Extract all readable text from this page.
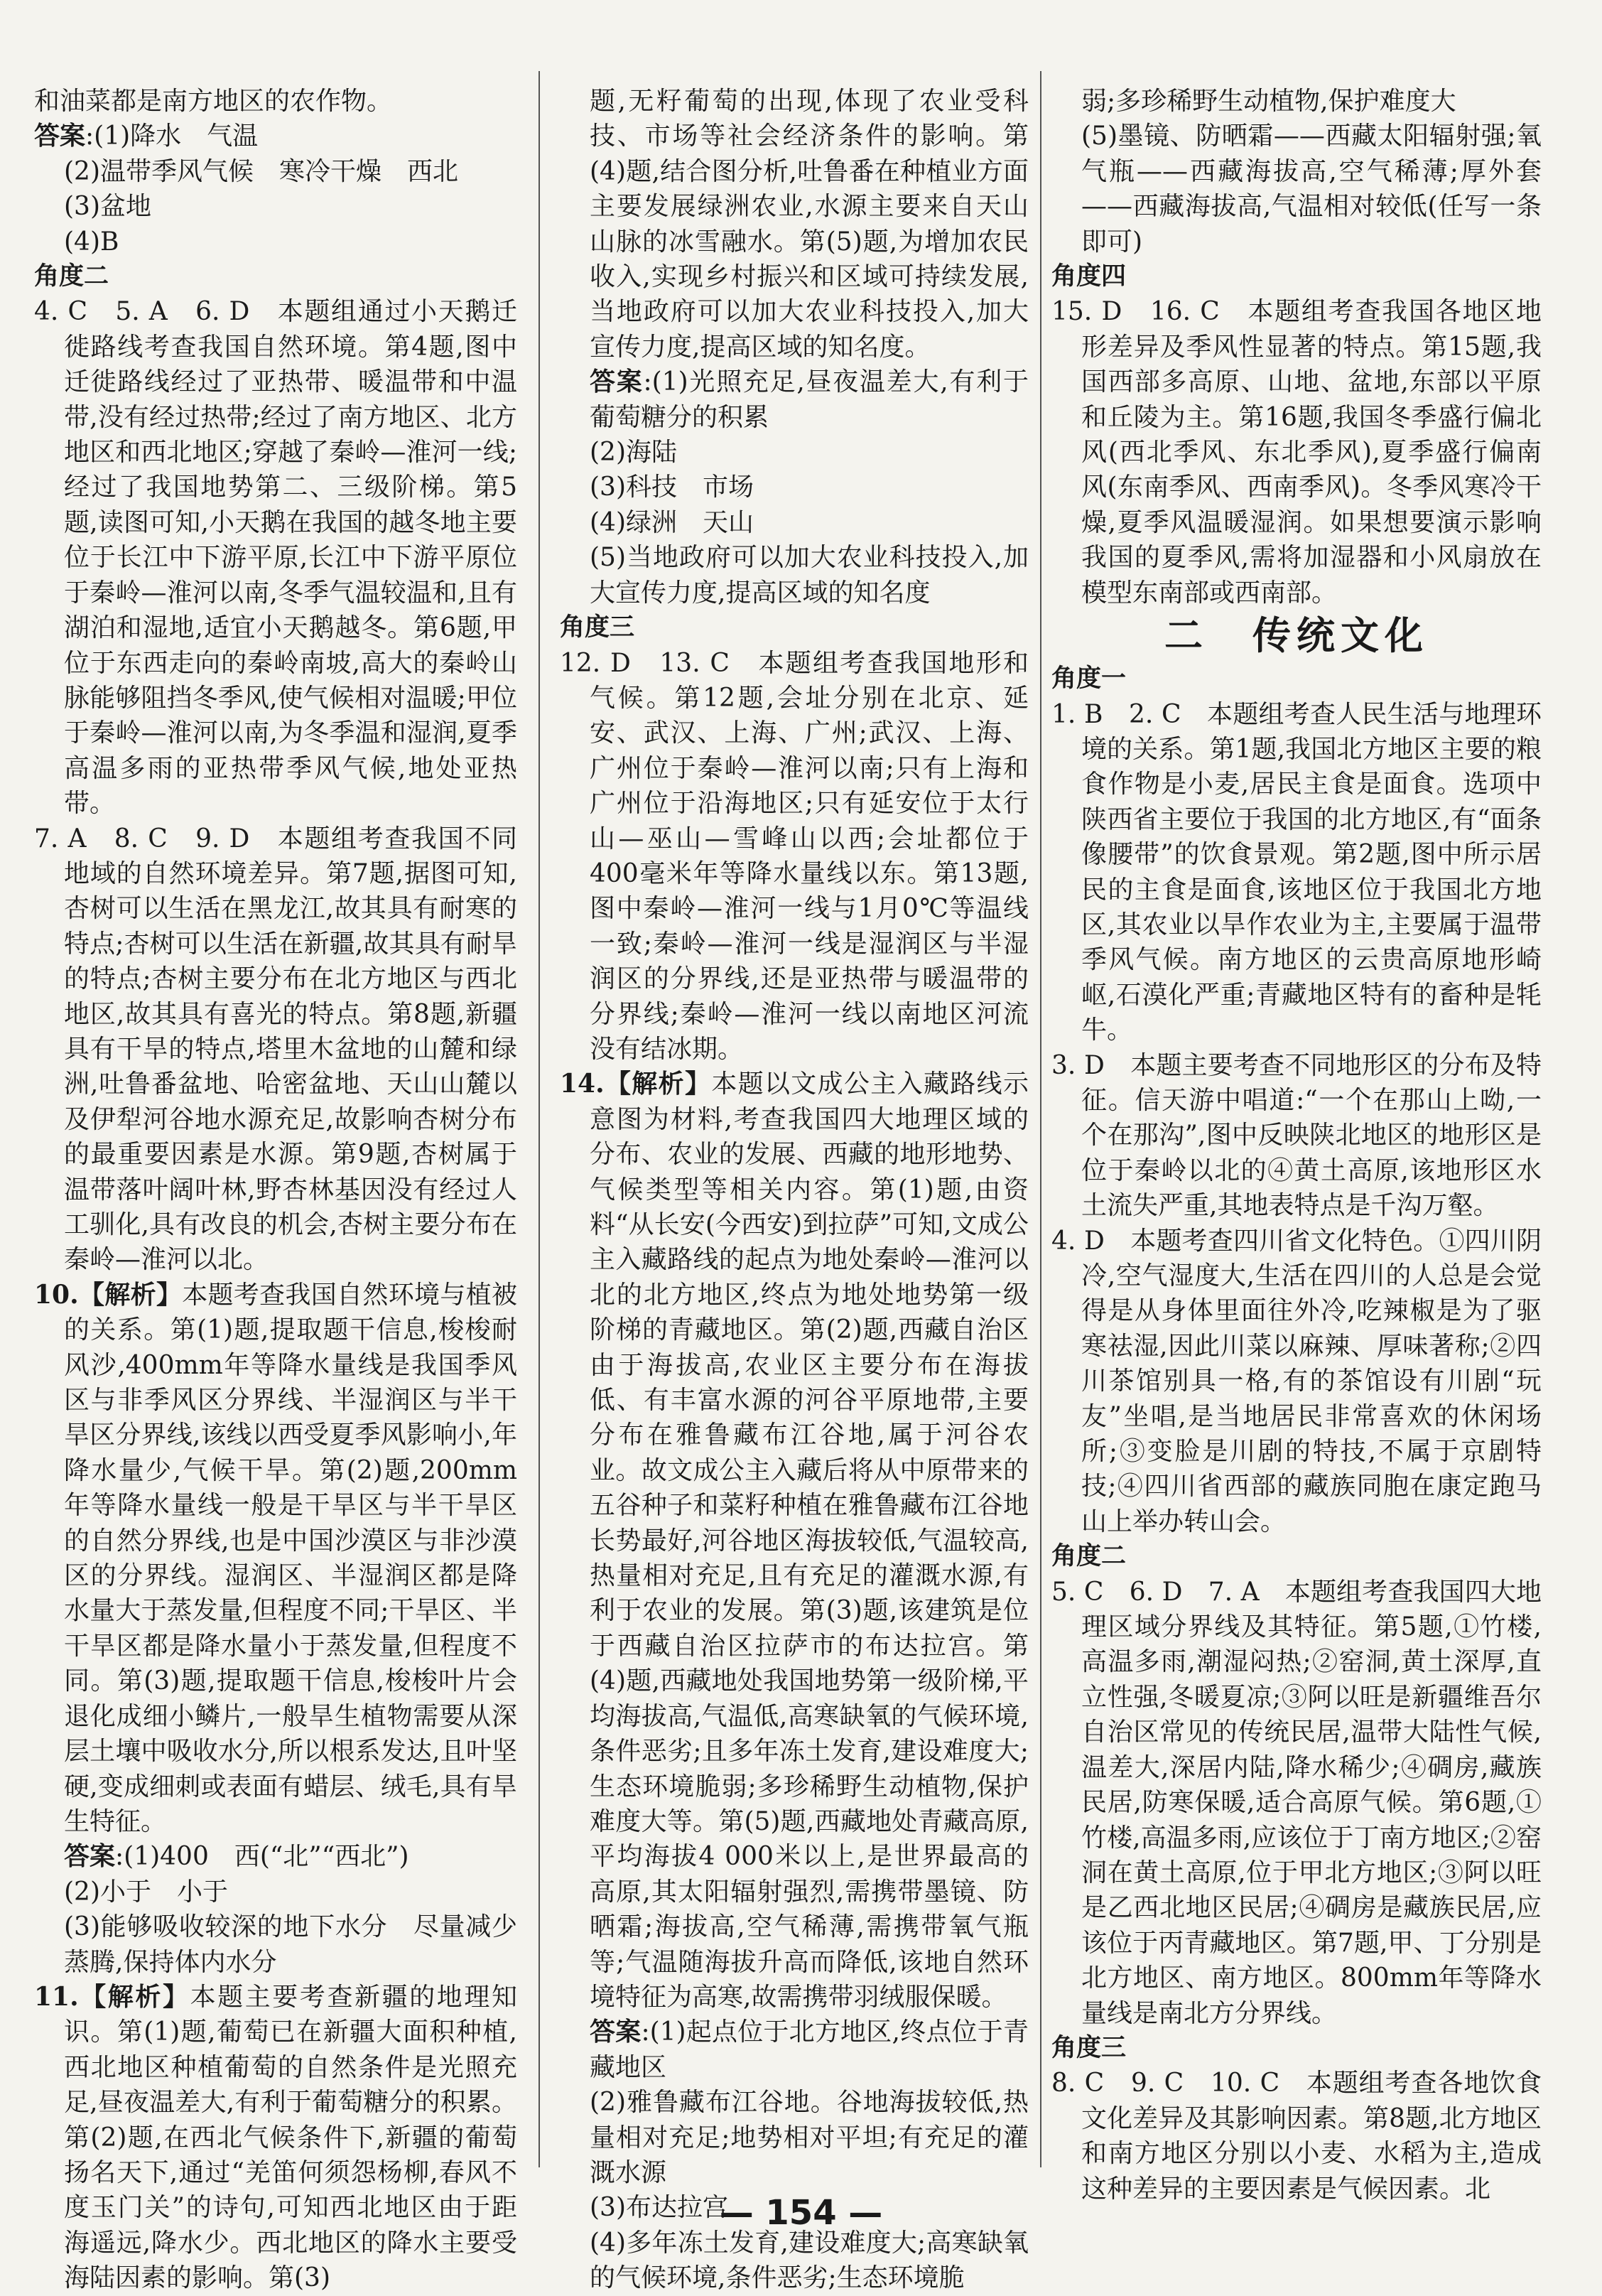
和油菜都是南方地区的农作物。

答案:(1)降水　气温

(2)温带季风气候　寒冷干燥　西北

(3)盆地

(4)B

角度二

4. C　5. A　6. D　本题组通过小天鹅迁徙路线考查我国自然环境。第4题,图中迁徙路线经过了亚热带、暖温带和中温带,没有经过热带;经过了南方地区、北方地区和西北地区;穿越了秦岭—淮河一线;经过了我国地势第二、三级阶梯。第5题,读图可知,小天鹅在我国的越冬地主要位于长江中下游平原,长江中下游平原位于秦岭—淮河以南,冬季气温较温和,且有湖泊和湿地,适宜小天鹅越冬。第6题,甲位于东西走向的秦岭南坡,高大的秦岭山脉能够阻挡冬季风,使气候相对温暖;甲位于秦岭—淮河以南,为冬季温和湿润,夏季高温多雨的亚热带季风气候,地处亚热带。

7. A　8. C　9. D　本题组考查我国不同地域的自然环境差异。第7题,据图可知,杏树可以生活在黑龙江,故其具有耐寒的特点;杏树可以生活在新疆,故其具有耐旱的特点;杏树主要分布在北方地区与西北地区,故其具有喜光的特点。第8题,新疆具有干旱的特点,塔里木盆地的山麓和绿洲,吐鲁番盆地、哈密盆地、天山山麓以及伊犁河谷地水源充足,故影响杏树分布的最重要因素是水源。第9题,杏树属于温带落叶阔叶林,野杏林基因没有经过人工驯化,具有改良的机会,杏树主要分布在秦岭—淮河以北。

10.【解析】本题考查我国自然环境与植被的关系。第(1)题,提取题干信息,梭梭耐风沙,400mm年等降水量线是我国季风区与非季风区分界线、半湿润区与半干旱区分界线,该线以西受夏季风影响小,年降水量少,气候干旱。第(2)题,200mm年等降水量线一般是干旱区与半干旱区的自然分界线,也是中国沙漠区与非沙漠区的分界线。湿润区、半湿润区都是降水量大于蒸发量,但程度不同;干旱区、半干旱区都是降水量小于蒸发量,但程度不同。第(3)题,提取题干信息,梭梭叶片会退化成细小鳞片,一般旱生植物需要从深层土壤中吸收水分,所以根系发达,且叶坚硬,变成细刺或表面有蜡层、绒毛,具有旱生特征。

答案:(1)400　西(“北”“西北”)

(2)小于　小于

(3)能够吸收较深的地下水分　尽量减少蒸腾,保持体内水分

11.【解析】本题主要考查新疆的地理知识。第(1)题,葡萄已在新疆大面积种植,西北地区种植葡萄的自然条件是光照充足,昼夜温差大,有利于葡萄糖分的积累。第(2)题,在西北气候条件下,新疆的葡萄扬名天下,通过“羌笛何须怨杨柳,春风不度玉门关”的诗句,可知西北地区由于距海遥远,降水少。西北地区的降水主要受海陆因素的影响。第(3)

题,无籽葡萄的出现,体现了农业受科技、市场等社会经济条件的影响。第(4)题,结合图分析,吐鲁番在种植业方面主要发展绿洲农业,水源主要来自天山山脉的冰雪融水。第(5)题,为增加农民收入,实现乡村振兴和区域可持续发展,当地政府可以加大农业科技投入,加大宣传力度,提高区域的知名度。

答案:(1)光照充足,昼夜温差大,有利于葡萄糖分的积累

(2)海陆

(3)科技　市场

(4)绿洲　天山

(5)当地政府可以加大农业科技投入,加大宣传力度,提高区域的知名度

角度三

12. D　13. C　本题组考查我国地形和气候。第12题,会址分别在北京、延安、武汉、上海、广州;武汉、上海、广州位于秦岭—淮河以南;只有上海和广州位于沿海地区;只有延安位于太行山—巫山—雪峰山以西;会址都位于400毫米年等降水量线以东。第13题,图中秦岭—淮河一线与1月0℃等温线一致;秦岭—淮河一线是湿润区与半湿润区的分界线,还是亚热带与暖温带的分界线;秦岭—淮河一线以南地区河流没有结冰期。

14.【解析】本题以文成公主入藏路线示意图为材料,考查我国四大地理区域的分布、农业的发展、西藏的地形地势、气候类型等相关内容。第(1)题,由资料“从长安(今西安)到拉萨”可知,文成公主入藏路线的起点为地处秦岭—淮河以北的北方地区,终点为地处地势第一级阶梯的青藏地区。第(2)题,西藏自治区由于海拔高,农业区主要分布在海拔低、有丰富水源的河谷平原地带,主要分布在雅鲁藏布江谷地,属于河谷农业。故文成公主入藏后将从中原带来的五谷种子和菜籽种植在雅鲁藏布江谷地长势最好,河谷地区海拔较低,气温较高,热量相对充足,且有充足的灌溉水源,有利于农业的发展。第(3)题,该建筑是位于西藏自治区拉萨市的布达拉宫。第(4)题,西藏地处我国地势第一级阶梯,平均海拔高,气温低,高寒缺氧的气候环境,条件恶劣;且多年冻土发育,建设难度大;生态环境脆弱;多珍稀野生动植物,保护难度大等。第(5)题,西藏地处青藏高原,平均海拔4 000米以上,是世界最高的高原,其太阳辐射强烈,需携带墨镜、防晒霜;海拔高,空气稀薄,需携带氧气瓶等;气温随海拔升高而降低,该地自然环境特征为高寒,故需携带羽绒服保暖。

答案:(1)起点位于北方地区,终点位于青藏地区

(2)雅鲁藏布江谷地。谷地海拔较低,热量相对充足;地势相对平坦;有充足的灌溉水源

(3)布达拉宫

(4)多年冻土发育,建设难度大;高寒缺氧的气候环境,条件恶劣;生态环境脆

弱;多珍稀野生动植物,保护难度大

(5)墨镜、防晒霜——西藏太阳辐射强;氧气瓶——西藏海拔高,空气稀薄;厚外套——西藏海拔高,气温相对较低(任写一条即可)

角度四

15. D　16. C　本题组考查我国各地区地形差异及季风性显著的特点。第15题,我国西部多高原、山地、盆地,东部以平原和丘陵为主。第16题,我国冬季盛行偏北风(西北季风、东北季风),夏季盛行偏南风(东南季风、西南季风)。冬季风寒冷干燥,夏季风温暖湿润。如果想要演示影响我国的夏季风,需将加湿器和小风扇放在模型东南部或西南部。

二　传统文化

角度一

1. B　2. C　本题组考查人民生活与地理环境的关系。第1题,我国北方地区主要的粮食作物是小麦,居民主食是面食。选项中陕西省主要位于我国的北方地区,有“面条像腰带”的饮食景观。第2题,图中所示居民的主食是面食,该地区位于我国北方地区,其农业以旱作农业为主,主要属于温带季风气候。南方地区的云贵高原地形崎岖,石漠化严重;青藏地区特有的畜种是牦牛。

3. D　本题主要考查不同地形区的分布及特征。信天游中唱道:“一个在那山上呦,一个在那沟”,图中反映陕北地区的地形区是位于秦岭以北的④黄土高原,该地形区水土流失严重,其地表特点是千沟万壑。

4. D　本题考查四川省文化特色。①四川阴冷,空气湿度大,生活在四川的人总是会觉得是从身体里面往外冷,吃辣椒是为了驱寒祛湿,因此川菜以麻辣、厚味著称;②四川茶馆别具一格,有的茶馆设有川剧“玩友”坐唱,是当地居民非常喜欢的休闲场所;③变脸是川剧的特技,不属于京剧特技;④四川省西部的藏族同胞在康定跑马山上举办转山会。

角度二

5. C　6. D　7. A　本题组考查我国四大地理区域分界线及其特征。第5题,①竹楼,高温多雨,潮湿闷热;②窑洞,黄土深厚,直立性强,冬暖夏凉;③阿以旺是新疆维吾尔自治区常见的传统民居,温带大陆性气候,温差大,深居内陆,降水稀少;④碉房,藏族民居,防寒保暖,适合高原气候。第6题,①竹楼,高温多雨,应该位于丁南方地区;②窑洞在黄土高原,位于甲北方地区;③阿以旺是乙西北地区民居;④碉房是藏族民居,应该位于丙青藏地区。第7题,甲、丁分别是北方地区、南方地区。800mm年等降水量线是南北方分界线。

角度三

8. C　9. C　10. C　本题组考查各地饮食文化差异及其影响因素。第8题,北方地区和南方地区分别以小麦、水稻为主,造成这种差异的主要因素是气候因素。北

— 154 —
